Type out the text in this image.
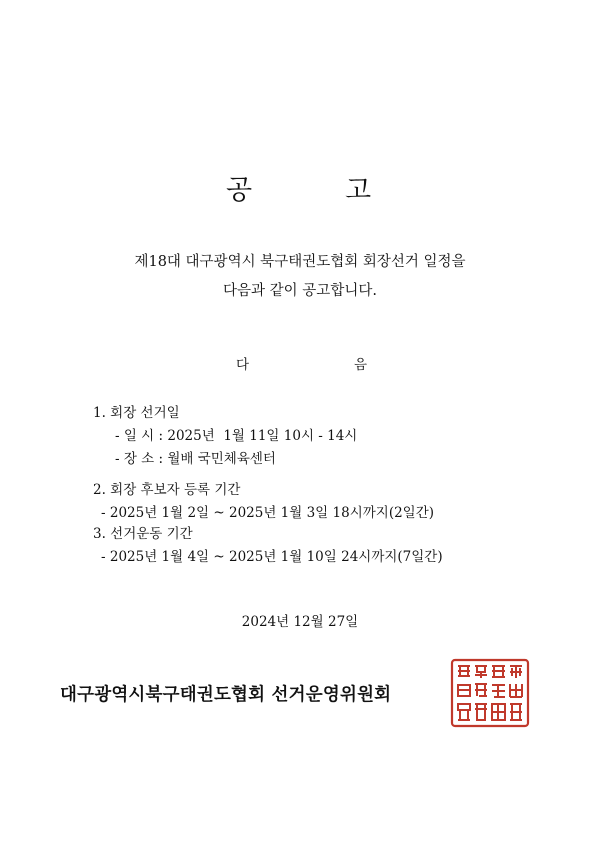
공	고
제18대 대구광역시 북구태권도협회 회장선거 일정을
다음과 같이 공고합니다.
다	음
1. 회장 선거일
- 일 시 : 2025년  1월 11일 10시 - 14시
- 장 소 : 월배 국민체육센터
2. 회장 후보자 등록 기간
- 2025년 1월 2일 ~ 2025년 1월 3일 18시까지(2일간)
3. 선거운동 기간
- 2025년 1월 4일 ~ 2025년 1월 10일 24시까지(7일간)
2024년 12월 27일
대구광역시북구태권도협회 선거운영위원회
